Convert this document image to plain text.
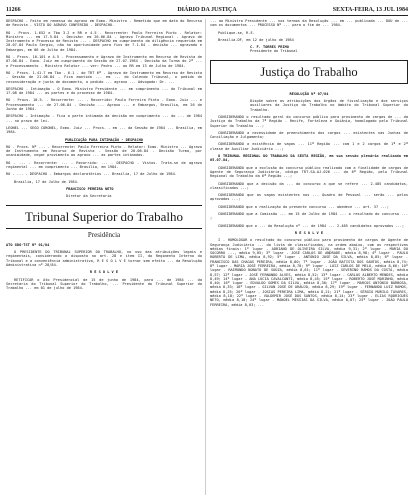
11266	DIÁRIO DA JUSTIÇA	SEXTA-FEIRA, 13 JUL 1984

DESPACHO - Feito em remessa do agravo em Exmo. Ministro - Remetido que em data do Recurso de Revista - VISTO DO AGRAVO CONFERIDO - DESPACHO.

RO - Procs. 1.652 e Tba 3.2 e RR e 4.5 - Recorrente: Paulo Ferreira Pinto - Relator: Ministro ... em 17.5.84 - Decisão: em 26.06.84 - Agravo Tribunal Regional - Agravo de Instrumento e Processo de Revista ... - DESPACHO em cumprimento da diligência requerida em 20.07.84 Paulo Sergio, não ha oportunidade para fins de 7.1.84 - decisão ... agravado e Embargos, em 06 de Julho de 1984.

RO - Procs. 10.101 e 4.5 - Processamento e Agravo de Instrumento em Recurso de Revista de 07.06.84 - Exmo. Juiz em cumprimento da Sessão de 27.07.1984 - Decisão da Turma do 2ª ... e Processamento - Ministro Relator ... ver: Pedro ... ao RR em 13 de Julho de 1984.

RO - Procs. 1.41.7 em Tba - 6.1 - do TRT 6ª - Agravo de Instrumento em Recurso de Revista - Sessão de 21.06.84 - Fica mantida ... em ... do Colendo Tribunal, o pedido de reconsideração e junta de documento, o pedido ... agravo ... Advogado: Dr. ...

DESPACHO - Intimação - O Exmo. Ministro Presidente ... em cumprimento ... do Tribunal em 17.08 de 1984 ... as partes e do processo de 1984.

RO - Procs. 10.5. - Recorrente: ... - Recorrido: Paulo Ferreira Pinto - Exmo. Juiz ... e Processamento ... de 27.06.84 - Decisão ... Agravo ... e Embargos, Brasília, em 26 de Junho de 1984.

DESPACHO - Intimação - Fica a parte intimada da decisão em cumprimento ... do ... de 1984 ... no prazo de lei.

LEONEL ... SEGO CORONEL, Exmo. Juiz ... Procs. - em ... da Sessão de 1984 ... Brasília, em 1984.

PUBLICAÇÃO PARA INTIMAÇÃO - DESPACHO

RO - Procs. Nº ... - Recorrente: Paulo Ferreira Pinto - Relator: Exmo. Ministro ... Agravo de Instrumento em Recurso de Revista - Sessão de 20.06.84 - Decisão Turma, por unanimidade, negar provimento ao agravo ... as partes intimadas.

RO - ... - Recorrente: ... - Recorrido: ... - DESPACHO - Vistos. Trata-se de agravo regimental ... em cumprimento ... Brasília, em 1984.

RO - ... - DESPACHO - Embargos declaratórios ... Brasília, 17 de Julho de 1984.

Brasília, 17 de Julho de 1984.

FRANCISCO PEREIRA NETO

Diretor da Secretaria

Tribunal Superior do Trabalho
Presidência

ATO GDG-TST Nº 01/84

O PRESIDENTE DO TRIBUNAL SUPERIOR DO TRABALHO, no uso das atribuições legais e regimentais, considerando o disposto no art. 28 e item II, do Regimento Interno do Tribunal e a conveniência administrativa, R E S O L V E tornar sem efeito ... da Resolução Administrativa nº 28/84.

R E S O L V E

RETIFICAR o Ato Presidencial de 15 de junho de 1984, para ... de 1984 ... da Secretaria do Tribunal Superior do Trabalho, ... Presidente do Tribunal Superior do Trabalho ... em 01 de julho de 1984.

... ao Ministro Presidente ... nos termos da Resolução ... em ... publicada ... DOU de ... com os documentos ... PROCESSO Nº ... para o fim de ... 1984.

Publique-se, R.E.

Brasília-DF, em 12 de julho de 1984

C. F. TORRES PRIMO

Presidente do Tribunal

Justiça do Trabalho

RESOLUÇÃO Nº 07/84

Dispõe sobre as atribuições dos órgãos de fiscalização e dos serviços auxiliares da Justiça do Trabalho no âmbito do Tribunal Superior do Trabalho.

CONSIDERANDO o resultado geral do concurso público para provimento de cargos de ... da Justiça do Trabalho da 7ª Região - Recife, Fortaleza e Goiânia, homologado pelo Tribunal Superior do Trabalho ...;

CONSIDERANDO a necessidade de preenchimento dos cargos ... existentes nas Juntas de Conciliação e Julgamento;

CONSIDERANDO a existência de vagas ... 11ª Região ... com 1 e 2 cargos de 1ª e 2ª classe de Auxiliar Judiciário ...;

O TRIBUNAL REGIONAL DO TRABALHO DA SEXTA REGIÃO, em sua sessão plenária realizada em 05.07.84,

CONSIDERANDO que a exclusão do concurso público realizado com a finalidade de cargos de Agente de Segurança Judiciária, código TRT-SA-AJ-026 ... da 6ª Região, pelo Tribunal Regional do Trabalho da 6ª Região ...;

CONSIDERANDO que a decisão da ... do concurso a que se refere ... 2.485 candidatos, classificados ...;

CONSIDERANDO que as vagas existentes nos ... Quadro de Pessoal ... serão ... pelos aprovados ...;

CONSIDERANDO que a realização do presente concurso ... obedece ... art. 37 ...;

CONSIDERANDO que a Comissão ... em 15 de Julho de 1984 ... o resultado do concurso ... ;

CONSIDERANDO que o ... da Resolução nº ... de 1984 ... 2.485 candidatos aprovados ...;

R E S O L V E

I - HOMOLOGAR o resultado do concurso público para provimento de cargos de Agente de Segurança Judiciária ... da lista de classificados, na ordem abaixo, com as respectivas médias finais: 1º lugar - ADRIANO DE OLIVEIRA SILVA, média 9,31; 2º lugar - MARIA DO SOCORRO ..., média 9,05; 3º lugar - JOSÉ CARLOS DE ANDRADE, média 8,98; 4º lugar - PAULO ROBERTO DE LIMA, média 8,92; 5º lugar - ANTÔNIO JOSÉ DA SILVA, média 8,85; 6º lugar - FRANCISCO DAS CHAGAS PEREIRA, média 8,80; 7º lugar - JOÃO BATISTA DOS SANTOS, média 8,74; 8º lugar - MARIA JOSÉ FERREIRA, média 8,70; 9º lugar - LUIZ CARLOS DE MELO, média 8,66; 10º lugar - RAIMUNDO NONATO DE SOUZA, média 8,61; 11º lugar - SEVERINO RAMOS DA COSTA, média 8,57; 12º lugar - JOSÉ FERNANDO ALVES, média 8,52; 13º lugar - CARLOS ALBERTO MENDES, média 8,49; 14º lugar - ANA LÚCIA CAVALCANTI, média 8,45; 15º lugar - ROBERTO JOSÉ MARINHO, média 8,40; 16º lugar - EDVALDO GOMES DA SILVA, média 8,38; 17º lugar - MARCOS ANTÔNIO BARBOSA, média 8,33; 18º lugar - GILVAN JOSÉ DE ARAÚJO, média 8,29; 19º lugar - FERNANDO LUIZ RAMOS, média 8,25; 20º lugar - JOSIAS PEREIRA LIMA, média 8,21; 21º lugar - SÉRGIO MURILO TAVARES, média 8,18; 22º lugar - VALDEMIR JOSÉ DOS SANTOS, média 8,14; 23º lugar - ELIAS RODRIGUES NETO, média 8,10; 24º lugar - MANOEL MESSIAS DA SILVA, média 8,07; 25º lugar - JOÃO PAULO FERREIRA, média 8,03; ...
